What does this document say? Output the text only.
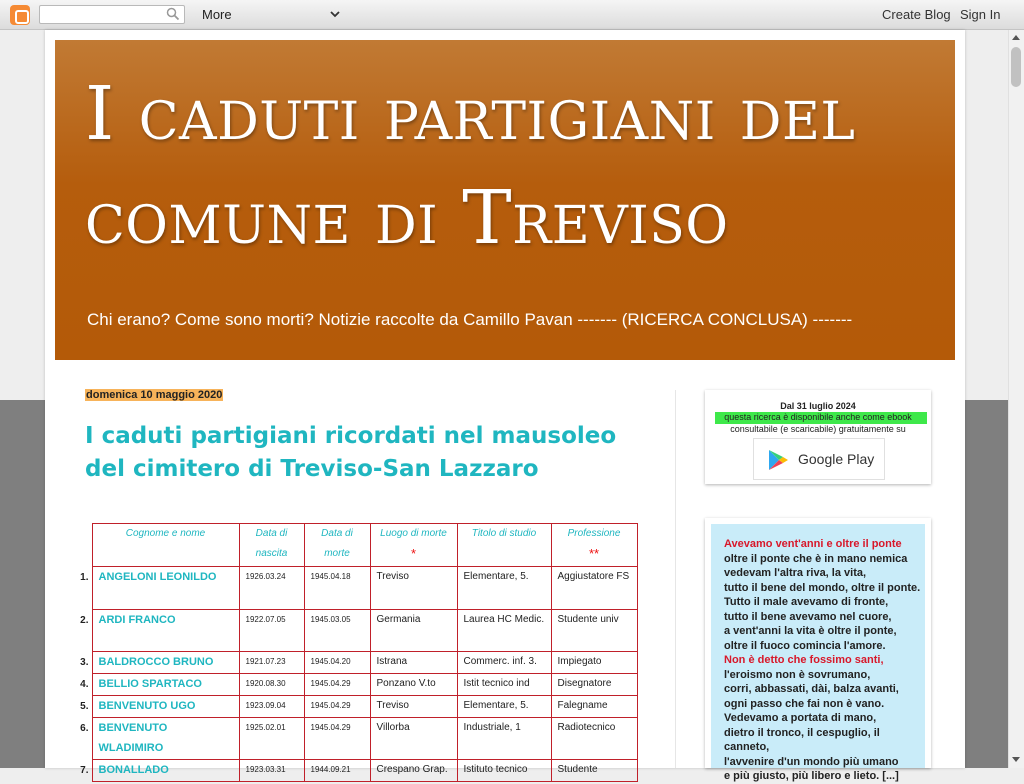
More	Create Blog Sign In
I caduti partigiani del comune di Treviso
Chi erano? Come sono morti? Notizie raccolte da Camillo Pavan ------- (RICERCA CONCLUSA) -------
domenica 10 maggio 2020
I caduti partigiani ricordati nel mausoleo del cimitero di Treviso-San Lazzaro
	Cognome e nome	Data di nascita	Data di morte	Luogo di morte *	Titolo di studio	Professione
**
1.	ANGELONI LEONILDO	1926.03.24	1945.04.18	Treviso	Elementare, 5.	Aggiustatore FS
2.	ARDI FRANCO	1922.07.05	1945.03.05	Germania	Laurea HC Medic.	Studente univ
3.	BALDROCCO BRUNO	1921.07.23	1945.04.20	Istrana	Commerc. inf. 3.	Impiegato
4.	BELLIO SPARTACO	1920.08.30	1945.04.29	Ponzano V.to	Istit tecnico ind	Disegnatore
5.	BENVENUTO UGO	1923.09.04	1945.04.29	Treviso	Elementare, 5.	Falegname
6.	BENVENUTO WLADIMIRO	1925.02.01	1945.04.29	Villorba	Industriale, 1	Radiotecnico
7.	BONALLADO	1923.03.31	1944.09.21	Crespano Grap.	Istituto tecnico	Studente
Dal 31 luglio 2024
questa ricerca è disponibile anche come ebook
consultabile (e scaricabile) gratuitamente su
Google Play
Avevamo vent'anni e oltre il ponte
oltre il ponte che è in mano nemica
vedevam l'altra riva, la vita,
tutto il bene del mondo, oltre il ponte.
Tutto il male avevamo di fronte,
tutto il bene avevamo nel cuore,
a vent'anni la vita è oltre il ponte,
oltre il fuoco comincia l'amore.
Non è detto che fossimo santi,
l'eroismo non è sovrumano,
corri, abbassati, dài, balza avanti,
ogni passo che fai non è vano.
Vedevamo a portata di mano,
dietro il tronco, il cespuglio, il canneto,
l'avvenire d'un mondo più umano
e più giusto, più libero e lieto. [...]
